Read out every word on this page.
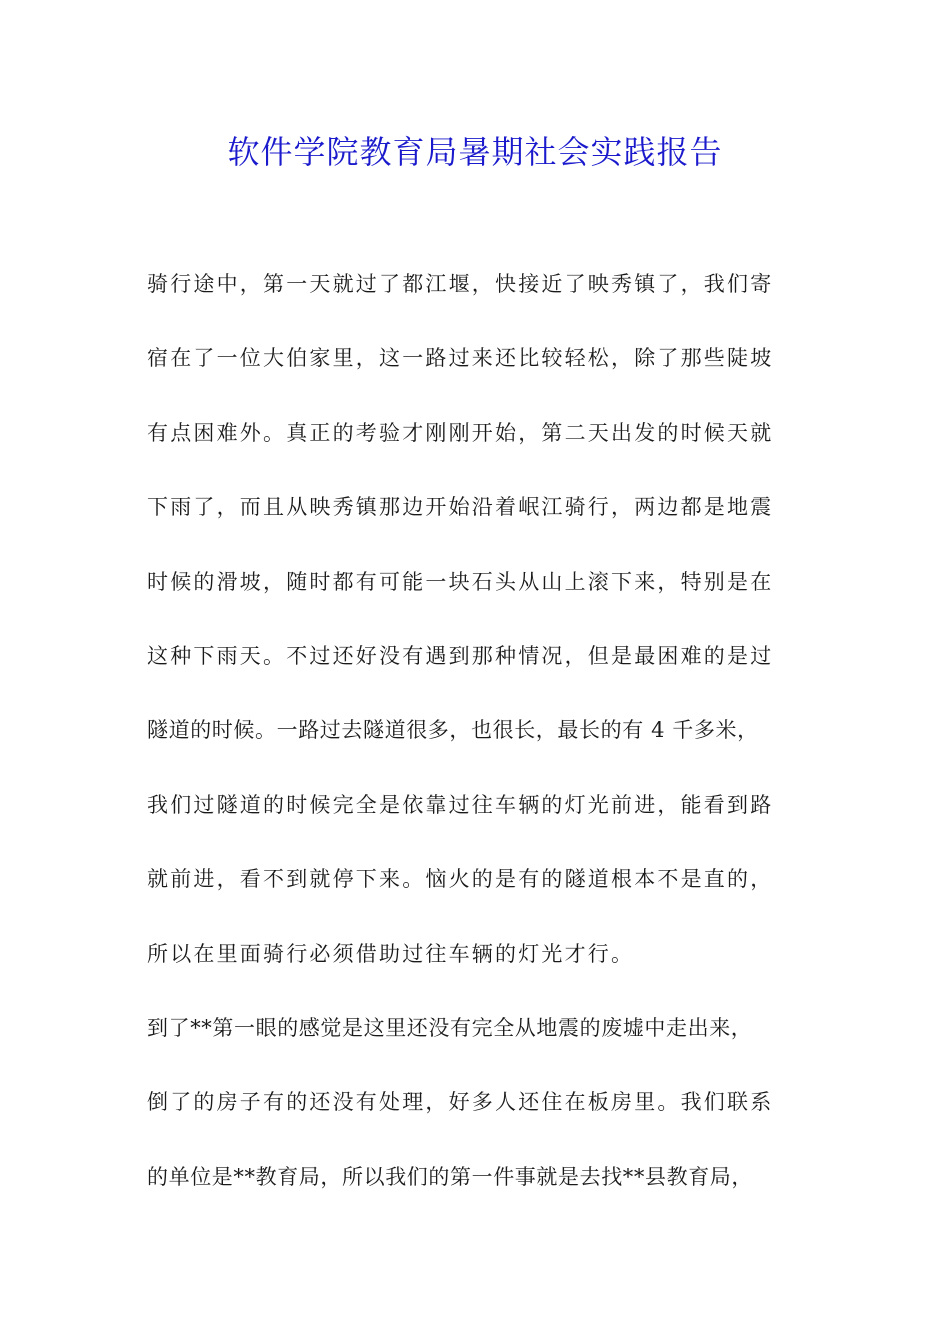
软件学院教育局暑期社会实践报告
骑行途中，第一天就过了都江堰，快接近了映秀镇了，我们寄
宿在了一位大伯家里，这一路过来还比较轻松，除了那些陡坡
有点困难外。真正的考验才刚刚开始，第二天出发的时候天就
下雨了，而且从映秀镇那边开始沿着岷江骑行，两边都是地震
时候的滑坡，随时都有可能一块石头从山上滚下来，特别是在
这种下雨天。不过还好没有遇到那种情况，但是最困难的是过
隧道的时候。一路过去隧道很多，也很长，最长的有 4 千多米，
我们过隧道的时候完全是依靠过往车辆的灯光前进，能看到路
就前进，看不到就停下来。恼火的是有的隧道根本不是直的，
所以在里面骑行必须借助过往车辆的灯光才行。
到了**第一眼的感觉是这里还没有完全从地震的废墟中走出来，
倒了的房子有的还没有处理，好多人还住在板房里。我们联系
的单位是**教育局，所以我们的第一件事就是去找**县教育局，
